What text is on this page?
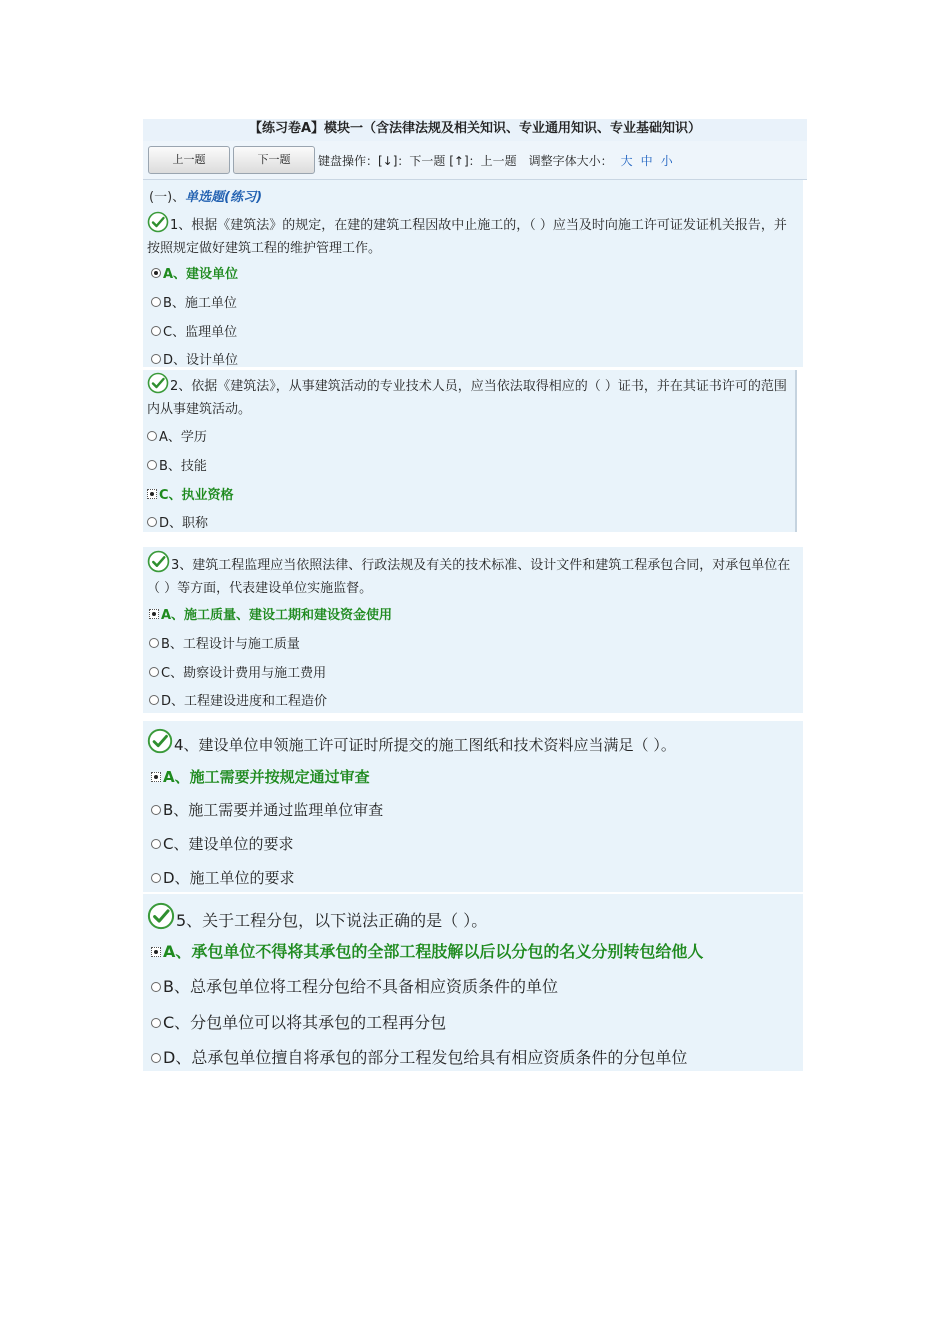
【练习卷A】模块一（含法律法规及相关知识、专业通用知识、专业基础知识）
上一题	下一题	键盘操作：[↓]：下一题 [↑]：上一题　调整字体大小： 大 中 小
(一)、单选题(练习)
1、根据《建筑法》的规定，在建的建筑工程因故中止施工的，（ ）应当及时向施工许可证发证机关报告，并按照规定做好建筑工程的维护管理工作。
A、建设单位
B、施工单位
C、监理单位
D、设计单位
2、依据《建筑法》，从事建筑活动的专业技术人员，应当依法取得相应的（ ）证书，并在其证书许可的范围内从事建筑活动。
A、学历
B、技能
C、执业资格
D、职称
3、建筑工程监理应当依照法律、行政法规及有关的技术标准、设计文件和建筑工程承包合同，对承包单位在（ ）等方面，代表建设单位实施监督。
A、施工质量、建设工期和建设资金使用
B、工程设计与施工质量
C、勘察设计费用与施工费用
D、工程建设进度和工程造价
4、建设单位申领施工许可证时所提交的施工图纸和技术资料应当满足（ ）。
A、施工需要并按规定通过审查
B、施工需要并通过监理单位审查
C、建设单位的要求
D、施工单位的要求
5、关于工程分包，以下说法正确的是（ ）。
A、承包单位不得将其承包的全部工程肢解以后以分包的名义分别转包给他人
B、总承包单位将工程分包给不具备相应资质条件的单位
C、分包单位可以将其承包的工程再分包
D、总承包单位擅自将承包的部分工程发包给具有相应资质条件的分包单位
